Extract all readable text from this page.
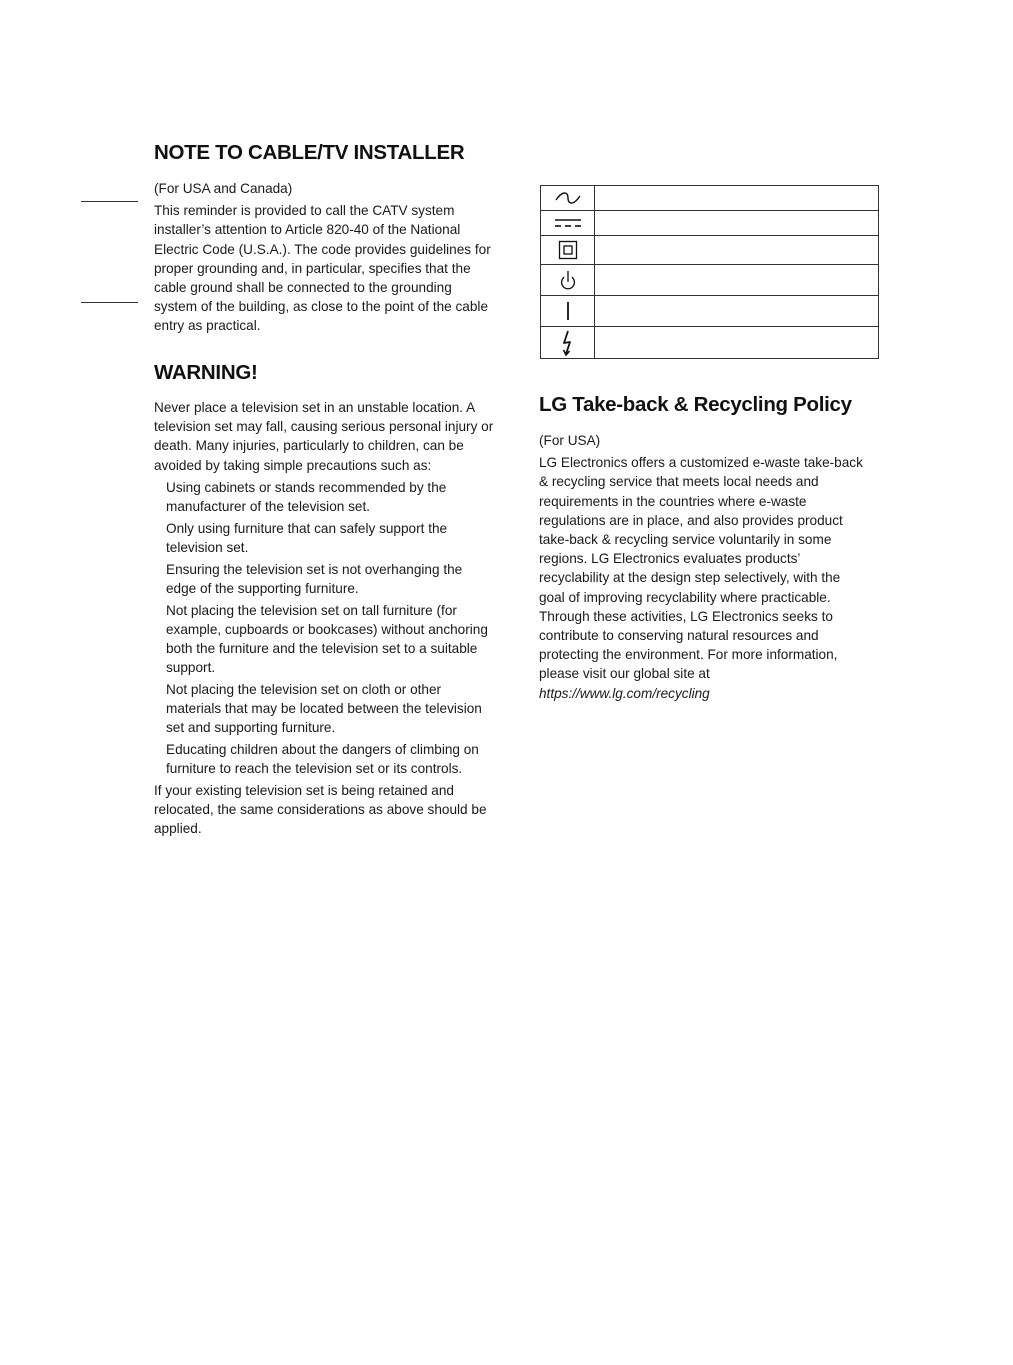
NOTE TO CABLE/TV INSTALLER

(For USA and Canada)

This reminder is provided to call the CATV system installer’s attention to Article 820-40 of the National Electric Code (U.S.A.). The code provides guidelines for proper grounding and, in particular, specifies that the cable ground shall be connected to the grounding system of the building, as close to the point of the cable entry as practical.

WARNING!

Never place a television set in an unstable location. A television set may fall, causing serious personal injury or death. Many injuries, particularly to children, can be avoided by taking simple precautions such as:

Using cabinets or stands recommended by the manufacturer of the television set.
Only using furniture that can safely support the television set.
Ensuring the television set is not overhanging the edge of the supporting furniture.
Not placing the television set on tall furniture (for example, cupboards or bookcases) without anchoring both the furniture and the television set to a suitable support.
Not placing the television set on cloth or other materials that may be located between the television set and supporting furniture.
Educating children about the dangers of climbing on furniture to reach the television set or its controls.

If your existing television set is being retained and relocated, the same considerations as above should be applied.

LG Take-back & Recycling Policy

(For USA)

LG Electronics offers a customized e-waste take-back & recycling service that meets local needs and requirements in the countries where e-waste regulations are in place, and also provides product take-back & recycling service voluntarily in some regions. LG Electronics evaluates products’ recyclability at the design step selectively, with the goal of improving recyclability where practicable. Through these activities, LG Electronics seeks to contribute to conserving natural resources and protecting the environment. For more information, please visit our global site at https://www.lg.com/recycling
